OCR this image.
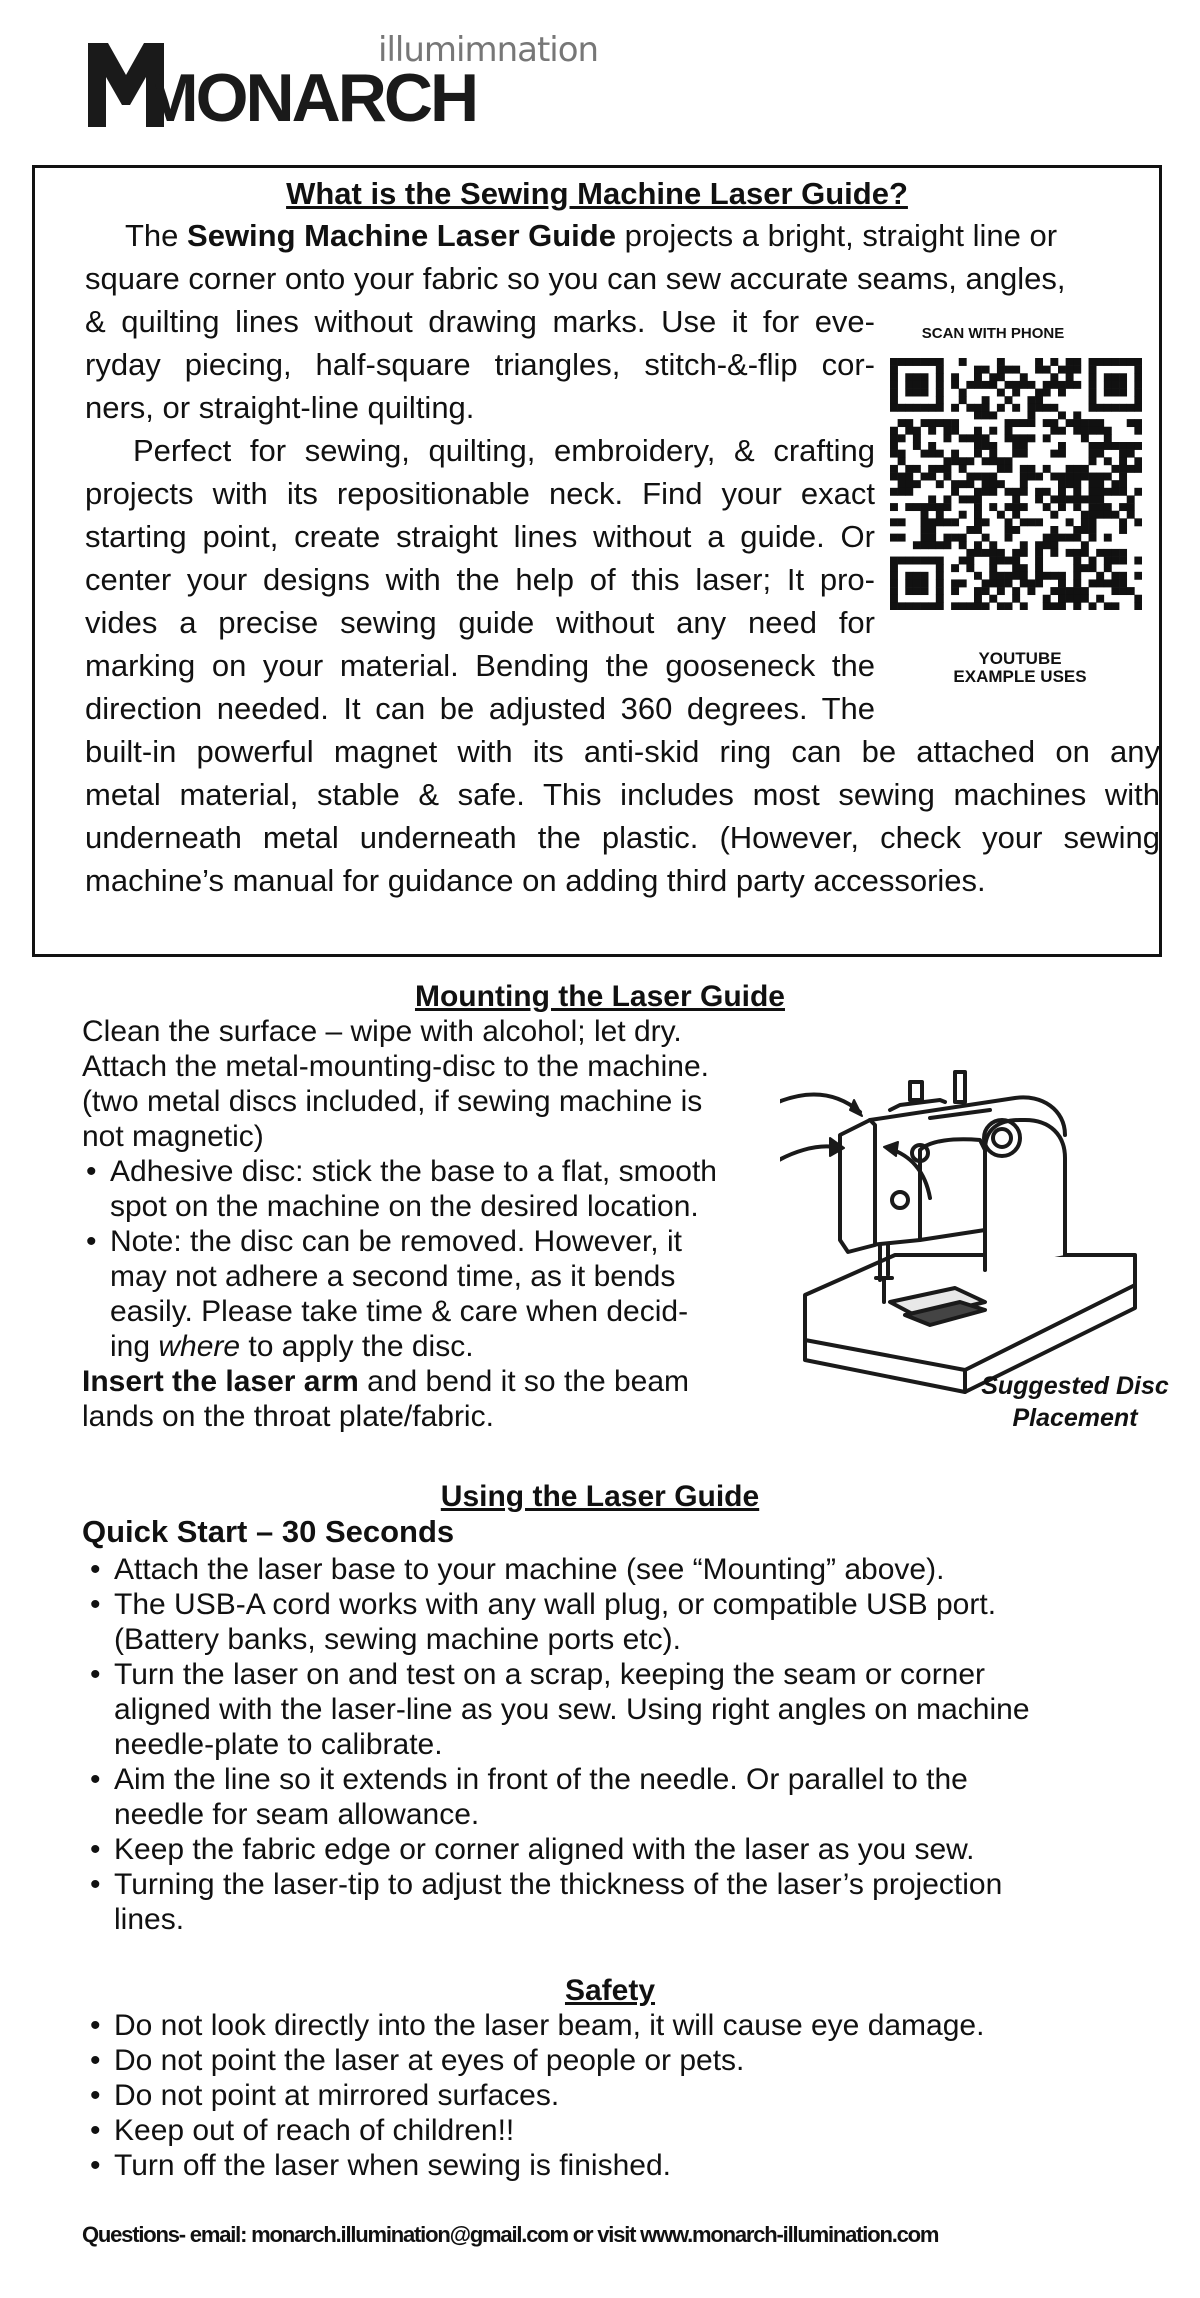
MONARCH
illumimnation
What is the Sewing Machine Laser Guide?
The Sewing Machine Laser Guide projects a bright, straight line or
square corner onto your fabric so you can sew accurate seams, angles,
& quilting lines without drawing marks. Use it for eve-
ryday piecing, half-square triangles, stitch-&-flip cor-
ners, or straight-line quilting.
Perfect for sewing, quilting, embroidery, & crafting
projects with its repositionable neck. Find your exact
starting point, create straight lines without a guide. Or
center your designs with the help of this laser; It pro-
vides a precise sewing guide without any need for
marking on your material. Bending the gooseneck the
direction needed. It can be adjusted 360 degrees. The
built-in powerful magnet with its anti-skid ring can be attached on any
metal material, stable & safe. This includes most sewing machines with
underneath metal underneath the plastic. (However, check your sewing
machine’s manual for guidance on adding third party accessories.
SCAN WITH PHONE
YOUTUBE
EXAMPLE USES
Mounting the Laser Guide
Clean the surface – wipe with alcohol; let dry.
Attach the metal-mounting-disc to the machine.
(two metal discs included, if sewing machine is
not magnetic)
• Adhesive disc: stick the base to a flat, smooth
spot on the machine on the desired location.
• Note: the disc can be removed. However, it
may not adhere a second time, as it bends
easily. Please take time & care when decid-
ing where to apply the disc.
Insert the laser arm and bend it so the beam
lands on the throat plate/fabric.
Suggested Disc
Placement
Using the Laser Guide
Quick Start – 30 Seconds
• Attach the laser base to your machine (see “Mounting” above).
• The USB-A cord works with any wall plug, or compatible USB port.
(Battery banks, sewing machine ports etc).
• Turn the laser on and test on a scrap, keeping the seam or corner
aligned with the laser-line as you sew. Using right angles on machine
needle-plate to calibrate.
• Aim the line so it extends in front of the needle. Or parallel to the
needle for seam allowance.
• Keep the fabric edge or corner aligned with the laser as you sew.
• Turning the laser-tip to adjust the thickness of the laser’s projection
lines.
Safety
• Do not look directly into the laser beam, it will cause eye damage.
• Do not point the laser at eyes of people or pets.
• Do not point at mirrored surfaces.
• Keep out of reach of children!!
• Turn off the laser when sewing is finished.
Questions- email: monarch.illumination@gmail.com or visit www.monarch-illumination.com
